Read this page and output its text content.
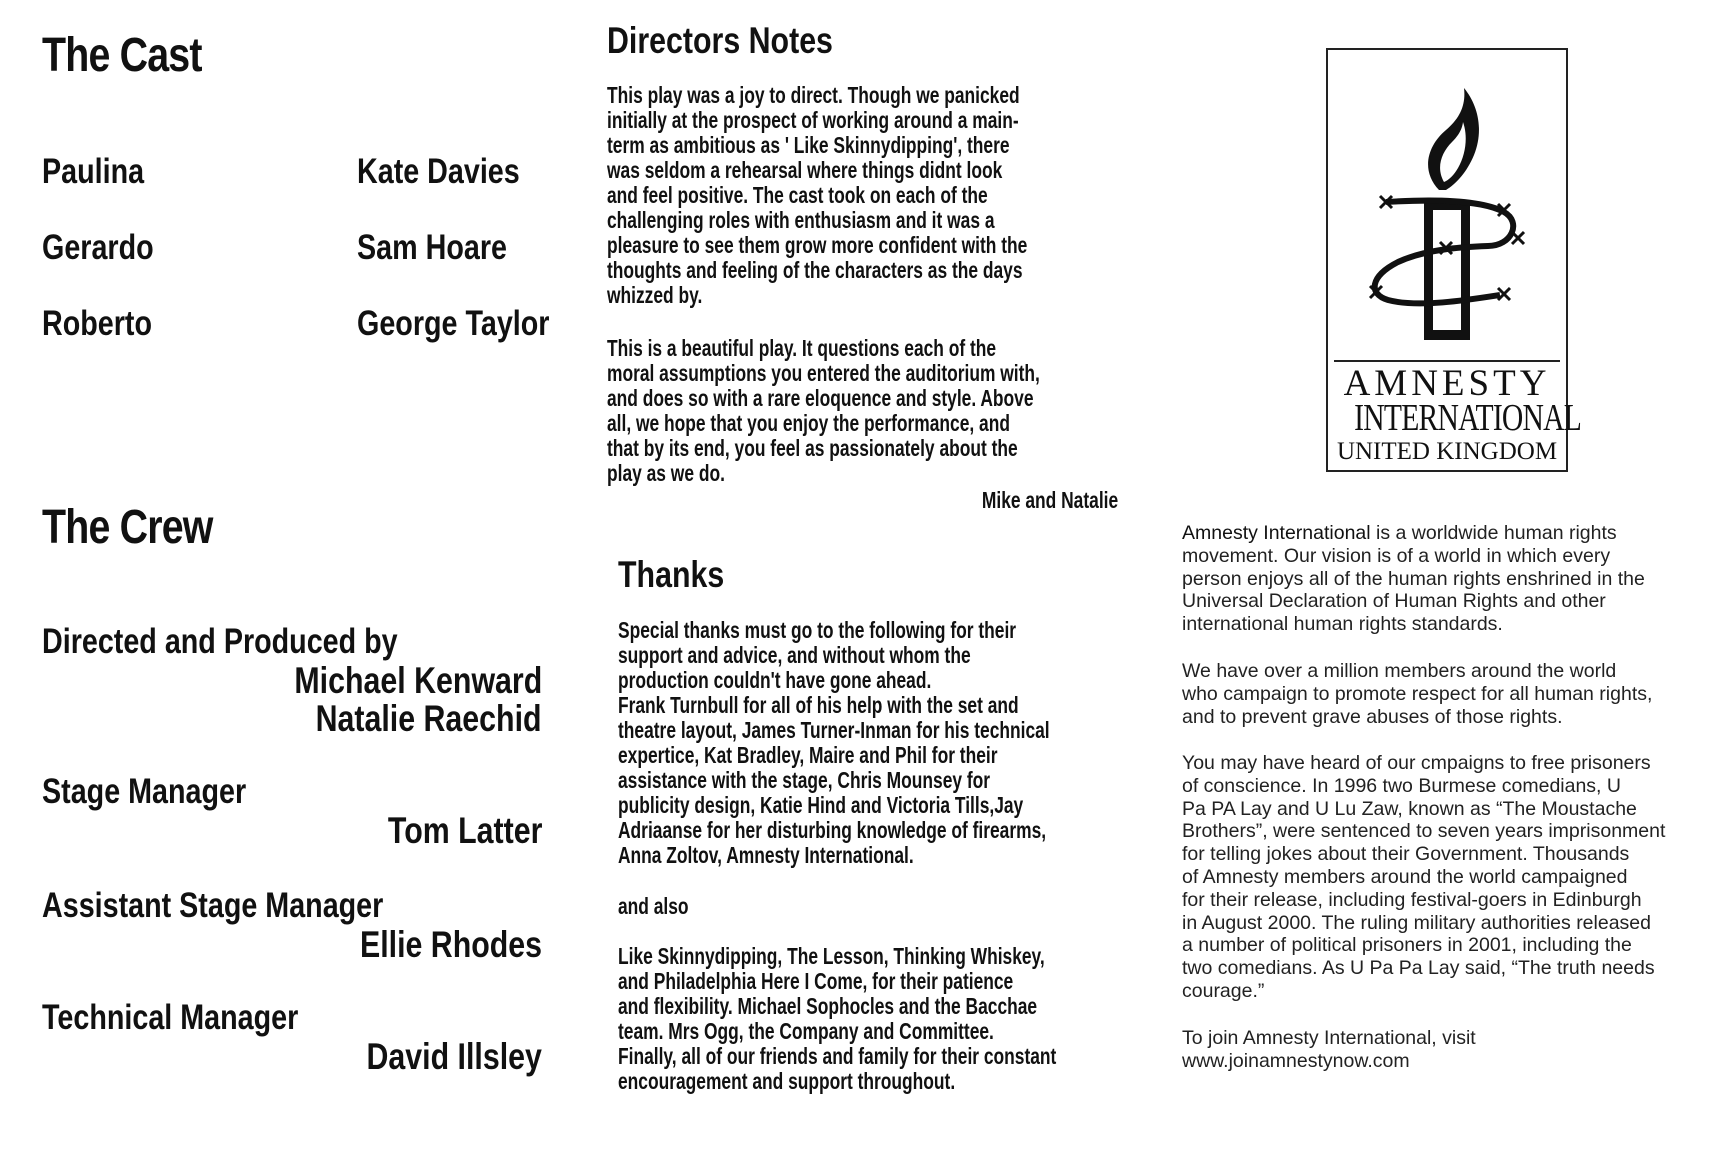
The Cast
Paulina	Kate Davies
Gerardo	Sam Hoare
Roberto	George Taylor
The Crew
Directed and Produced by
Michael Kenward
Natalie Raechid
Stage Manager
Tom Latter
Assistant Stage Manager
Ellie Rhodes
Technical Manager
David Illsley
Directors Notes
This play was a joy to direct. Though we panicked
initially at the prospect of working around a main-
term as ambitious as ' Like Skinnydipping', there
was seldom a rehearsal where things didnt look
and feel positive. The cast took on each of the
challenging roles with enthusiasm and it was a
pleasure to see them grow more confident with the
thoughts and feeling of the characters as the days
whizzed by.
This is a beautiful play. It questions each of the
moral assumptions you entered the auditorium with,
and does so with a rare eloquence and style. Above
all, we hope that you enjoy the performance, and
that by its end, you feel as passionately about the
play as we do.
Mike and Natalie
Thanks
Special thanks must go to the following for their
support and advice, and without whom the
production couldn't have gone ahead.
Frank Turnbull for all of his help with the set and
theatre layout, James Turner-Inman for his technical
expertice, Kat Bradley, Maire and Phil for their
assistance with the stage, Chris Mounsey for
publicity design, Katie Hind and Victoria Tills,Jay
Adriaanse for her disturbing knowledge of firearms,
Anna Zoltov, Amnesty International.
and also
Like Skinnydipping, The Lesson, Thinking Whiskey,
and Philadelphia Here I Come, for their patience
and flexibility. Michael Sophocles and the Bacchae
team. Mrs Ogg, the Company and Committee.
Finally, all of our friends and family for their constant
encouragement and support throughout.
AMNESTY
INTERNATIONAL
UNITED KINGDOM
Amnesty International is a worldwide human rights
movement. Our vision is of a world in which every
person enjoys all of the human rights enshrined in the
Universal Declaration of Human Rights and other
international human rights standards.
We have over a million members around the world
who campaign to promote respect for all human rights,
and to prevent grave abuses of those rights.
You may have heard of our cmpaigns to free prisoners
of conscience. In 1996 two Burmese comedians, U
Pa PA Lay and U Lu Zaw, known as “The Moustache
Brothers”, were sentenced to seven years imprisonment
for telling jokes about their Government. Thousands
of Amnesty members around the world campaigned
for their release, including festival-goers in Edinburgh
in August 2000. The ruling military authorities released
a number of political prisoners in 2001, including the
two comedians. As U Pa Pa Lay said, “The truth needs
courage.”
To join Amnesty International, visit
www.joinamnestynow.com
